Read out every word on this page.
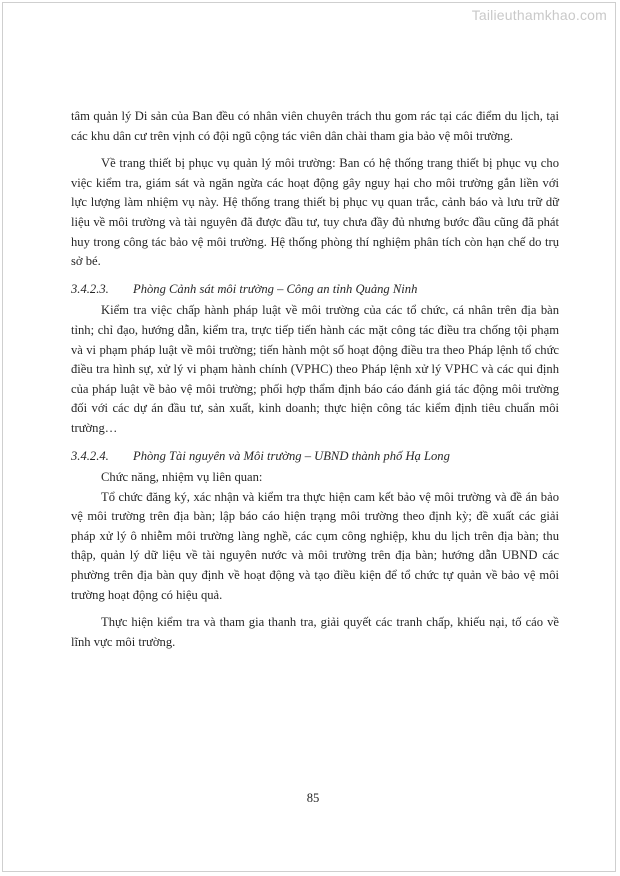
Tailieuthamkhao.com

tâm quản lý Di sản của Ban đều có nhân viên chuyên trách thu gom rác tại các điểm du lịch, tại các khu dân cư trên vịnh có đội ngũ cộng tác viên dân chài tham gia bảo vệ môi trường.

Về trang thiết bị phục vụ quản lý môi trường: Ban có hệ thống trang thiết bị phục vụ cho việc kiểm tra, giám sát và ngăn ngừa các hoạt động gây nguy hại cho môi trường gắn liền với lực lượng làm nhiệm vụ này. Hệ thống trang thiết bị phục vụ quan trắc, cảnh báo và lưu trữ dữ liệu về môi trường và tài nguyên đã được đầu tư, tuy chưa đầy đủ nhưng bước đầu cũng đã phát huy trong công tác bảo vệ môi trường. Hệ thống phòng thí nghiệm phân tích còn hạn chế do trụ sở bé.

3.4.2.3. Phòng Cảnh sát môi trường – Công an tỉnh Quảng Ninh

Kiểm tra việc chấp hành pháp luật về môi trường của các tổ chức, cá nhân trên địa bàn tỉnh; chỉ đạo, hướng dẫn, kiểm tra, trực tiếp tiến hành các mặt công tác điều tra chống tội phạm và vi phạm pháp luật về môi trường; tiến hành một số hoạt động điều tra theo Pháp lệnh tổ chức điều tra hình sự, xử lý vi phạm hành chính (VPHC) theo Pháp lệnh xử lý VPHC và các qui định của pháp luật về bảo vệ môi trường; phối hợp thẩm định báo cáo đánh giá tác động môi trường đối với các dự án đầu tư, sản xuất, kinh doanh; thực hiện công tác kiểm định tiêu chuẩn môi trường…

3.4.2.4. Phòng Tài nguyên và Môi trường – UBND thành phố Hạ Long

Chức năng, nhiệm vụ liên quan:

Tổ chức đăng ký, xác nhận và kiểm tra thực hiện cam kết bảo vệ môi trường và đề án bảo vệ môi trường trên địa bàn; lập báo cáo hiện trạng môi trường theo định kỳ; đề xuất các giải pháp xử lý ô nhiễm môi trường làng nghề, các cụm công nghiệp, khu du lịch trên địa bàn; thu thập, quản lý dữ liệu về tài nguyên nước và môi trường trên địa bàn; hướng dẫn UBND các phường trên địa bàn quy định về hoạt động và tạo điều kiện để tổ chức tự quản về bảo vệ môi trường hoạt động có hiệu quả.

Thực hiện kiểm tra và tham gia thanh tra, giải quyết các tranh chấp, khiếu nại, tố cáo về lĩnh vực môi trường.

85
